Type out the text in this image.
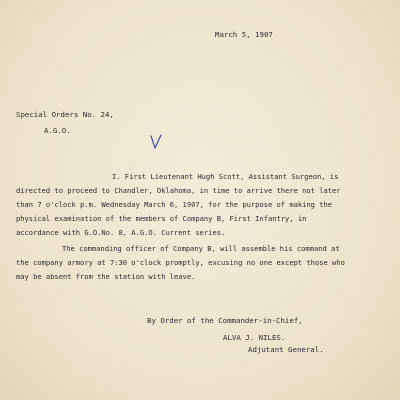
March 5, 1907
Special Orders No. 24,
A.G.O.
I. First Lieutenant Hugh Scott, Assistant Surgeon, is
directed to proceed to Chandler, Oklahoma, in time to arrive there not later
than 7 o'clock p.m. Wednesday March 6, 1907, for the purpose of making the
physical examination of the members of Company B, First Infantry, in
accordance with G.O.No. 8, A.G.O. Current series.
The commanding officer of Company B, will assemble his command at
the company armory at 7:30 o'clock promptly, excusing no one except those who
may be absent from the station with leave.
By Order of the Commander-in-Chief,
ALVA J. NILES.
Adjutant General.
